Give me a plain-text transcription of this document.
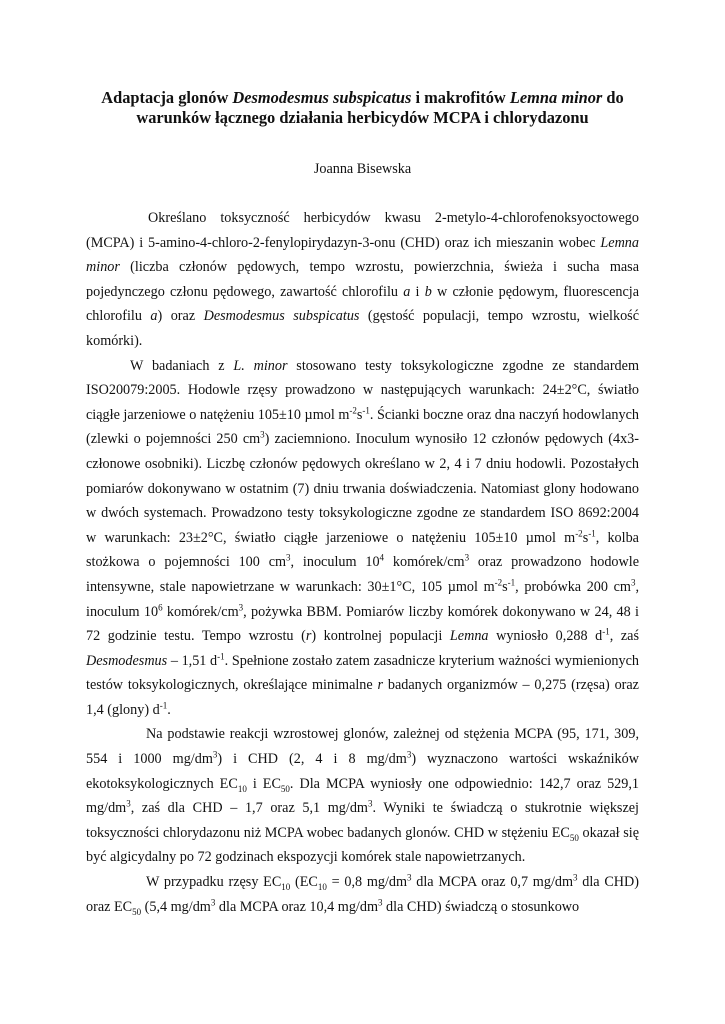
Adaptacja glonów Desmodesmus subspicatus i makrofitów Lemna minor do
warunków łącznego działania herbicydów MCPA i chlorydazonu

Joanna Bisewska

Określano toksyczność herbicydów kwasu 2-metylo-4-chlorofenoksyoctowego (MCPA) i 5-amino-4-chloro-2-fenylopirydazyn-3-onu (CHD) oraz ich mieszanin wobec Lemna minor (liczba członów pędowych, tempo wzrostu, powierzchnia, świeża i sucha masa pojedynczego członu pędowego, zawartość chlorofilu a i b w członie pędowym, fluorescencja chlorofilu a) oraz Desmodesmus subspicatus (gęstość populacji, tempo wzrostu, wielkość komórki).

W badaniach z L. minor stosowano testy toksykologiczne zgodne ze standardem ISO20079:2005. Hodowle rzęsy prowadzono w następujących warunkach: 24±2°C, światło ciągłe jarzeniowe o natężeniu 105±10 µmol $m^{-2}s^{-1}$. Ścianki boczne oraz dna naczyń hodowlanych (zlewki o pojemności 250 $cm^3$) zaciemniono. Inoculum wynosiło 12 członów pędowych (4x3-członowe osobniki). Liczbę członów pędowych określano w 2, 4 i 7 dniu hodowli. Pozostałych pomiarów dokonywano w ostatnim (7) dniu trwania doświadczenia. Natomiast glony hodowano w dwóch systemach. Prowadzono testy toksykologiczne zgodne ze standardem ISO 8692:2004 w warunkach: 23±2°C, światło ciągłe jarzeniowe o natężeniu 105±10 µmol $m^{-2}s^{-1}$, kolba stożkowa o pojemności 100 $cm^3$, inoculum $10^4$ komórek/$cm^3$ oraz prowadzono hodowle intensywne, stale napowietrzane w warunkach: 30±1°C, 105 µmol $m^{-2}s^{-1}$, probówka 200 $cm^3$, inoculum $10^6$ komórek/$cm^3$, pożywka BBM. Pomiarów liczby komórek dokonywano w 24, 48 i 72 godzinie testu. Tempo wzrostu (r) kontrolnej populacji Lemna wyniosło 0,288 $d^{-1}$, zaś Desmodesmus – 1,51 $d^{-1}$. Spełnione zostało zatem zasadnicze kryterium ważności wymienionych testów toksykologicznych, określające minimalne r badanych organizmów – 0,275 (rzęsa) oraz 1,4 (glony) $d^{-1}$.

Na podstawie reakcji wzrostowej glonów, zależnej od stężenia MCPA (95, 171, 309, 554 i 1000 $mg/dm^3$) i CHD (2, 4 i 8 $mg/dm^3$) wyznaczono wartości wskaźników ekotoksykologicznych $EC_{10}$ i $EC_{50}$. Dla MCPA wyniosły one odpowiednio: 142,7 oraz 529,1 $mg/dm^3$, zaś dla CHD – 1,7 oraz 5,1 $mg/dm^3$. Wyniki te świadczą o stukrotnie większej toksyczności chlorydazonu niż MCPA wobec badanych glonów. CHD w stężeniu $EC_{50}$ okazał się być algicydalny po 72 godzinach ekspozycji komórek stale napowietrzanych.

W przypadku rzęsy $EC_{10}$ ($EC_{10} = 0,8$ $mg/dm^3$ dla MCPA oraz 0,7 $mg/dm^3$ dla CHD) oraz $EC_{50}$ (5,4 $mg/dm^3$ dla MCPA oraz 10,4 $mg/dm^3$ dla CHD) świadczą o stosunkowo
